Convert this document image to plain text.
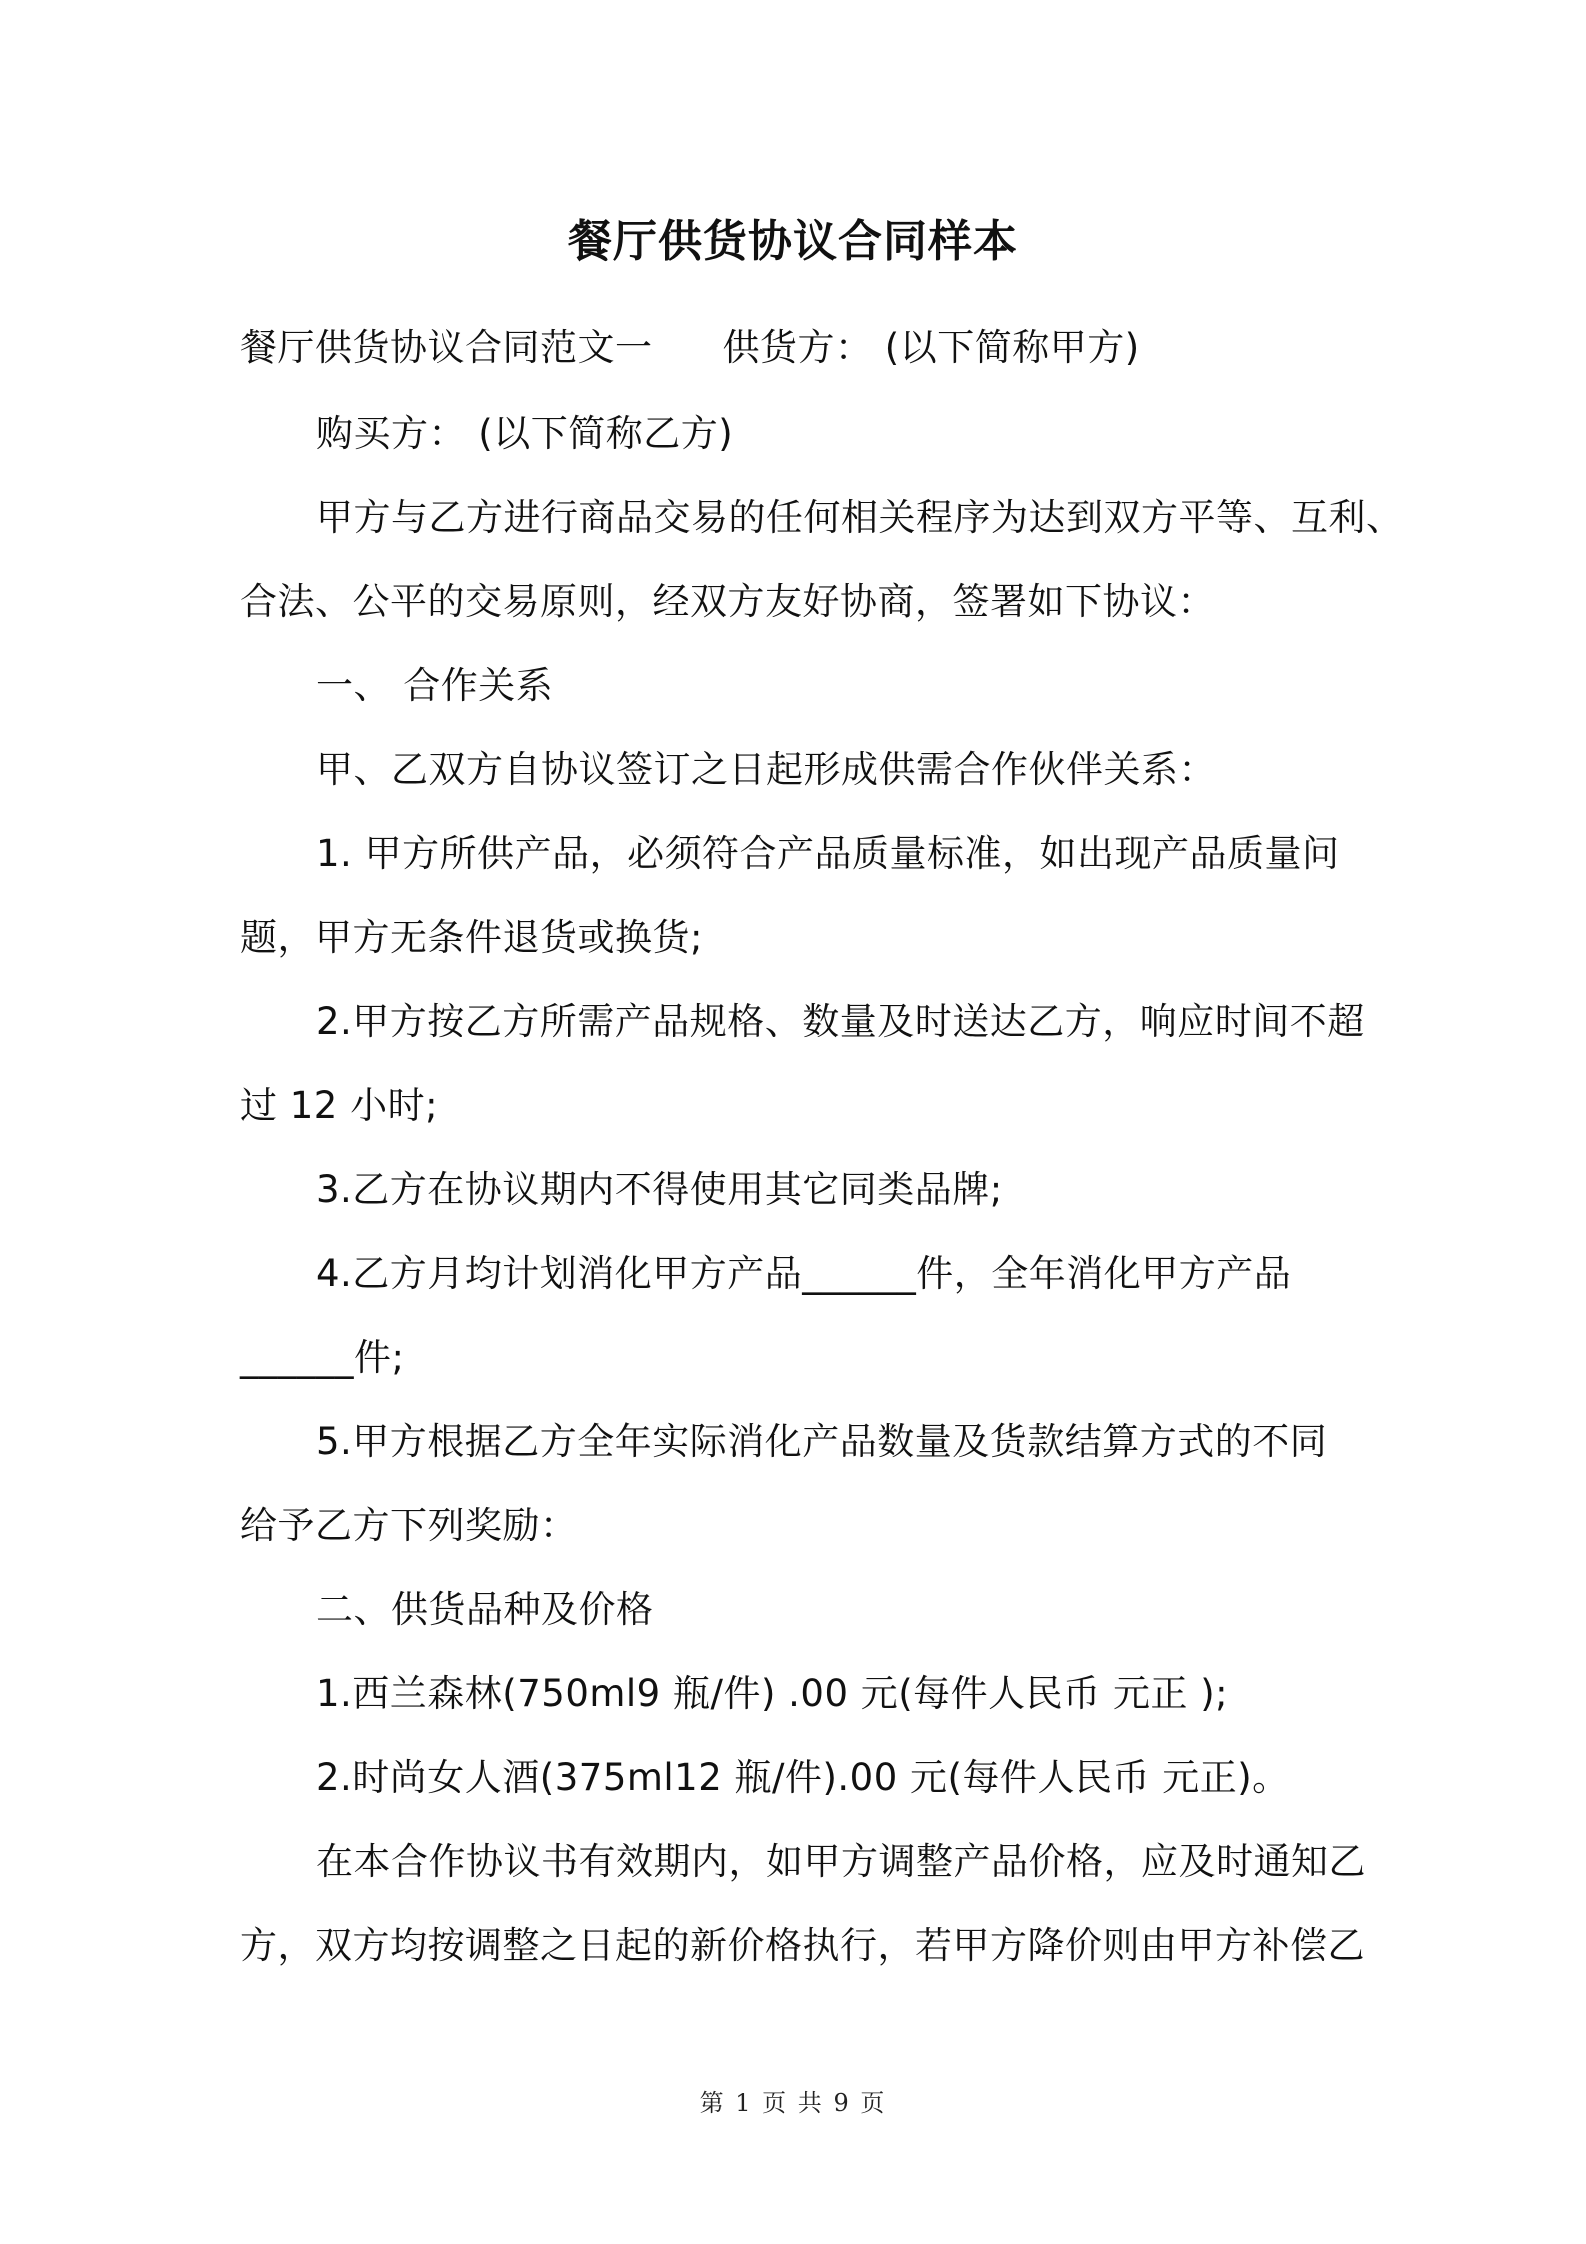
餐厅供货协议合同样本
餐厅供货协议合同范文一 供货方： (以下简称甲方)
购买方： (以下简称乙方)
甲方与乙方进行商品交易的任何相关程序为达到双方平等、互利、
合法、公平的交易原则，经双方友好协商，签署如下协议：
一、 合作关系
甲、乙双方自协议签订之日起形成供需合作伙伴关系：
1. 甲方所供产品，必须符合产品质量标准，如出现产品质量问
题，甲方无条件退货或换货;
2.甲方按乙方所需产品规格、数量及时送达乙方，响应时间不超
过 12 小时;
3.乙方在协议期内不得使用其它同类品牌;
4.乙方月均计划消化甲方产品______件，全年消化甲方产品
______件;
5.甲方根据乙方全年实际消化产品数量及货款结算方式的不同
给予乙方下列奖励：
二、供货品种及价格
1.西兰森林(750ml9 瓶/件) .00 元(每件人民币 元正 );
2.时尚女人酒(375ml12 瓶/件).00 元(每件人民币 元正)。
在本合作协议书有效期内，如甲方调整产品价格，应及时通知乙
方，双方均按调整之日起的新价格执行，若甲方降价则由甲方补偿乙
第 1 页 共 9 页
